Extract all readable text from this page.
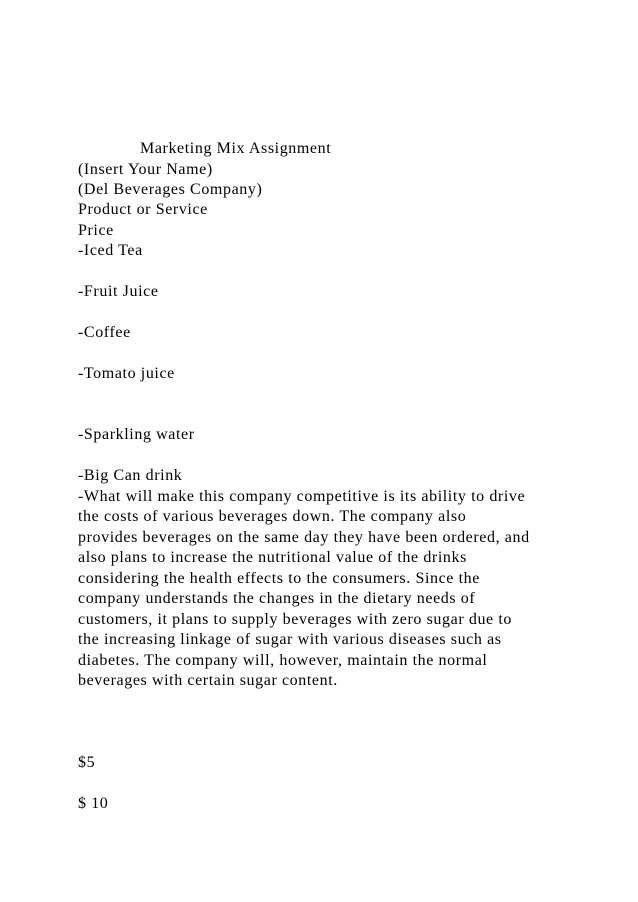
Marketing Mix Assignment
(Insert Your Name)
(Del Beverages Company)
Product or Service
Price
-Iced Tea
-Fruit Juice
-Coffee
-Tomato juice
-Sparkling water
-Big Can drink
-What will make this company competitive is its ability to drive
the costs of various beverages down. The company also
provides beverages on the same day they have been ordered, and
also plans to increase the nutritional value of the drinks
considering the health effects to the consumers. Since the
company understands the changes in the dietary needs of
customers, it plans to supply beverages with zero sugar due to
the increasing linkage of sugar with various diseases such as
diabetes. The company will, however, maintain the normal
beverages with certain sugar content.
$5
$ 10
